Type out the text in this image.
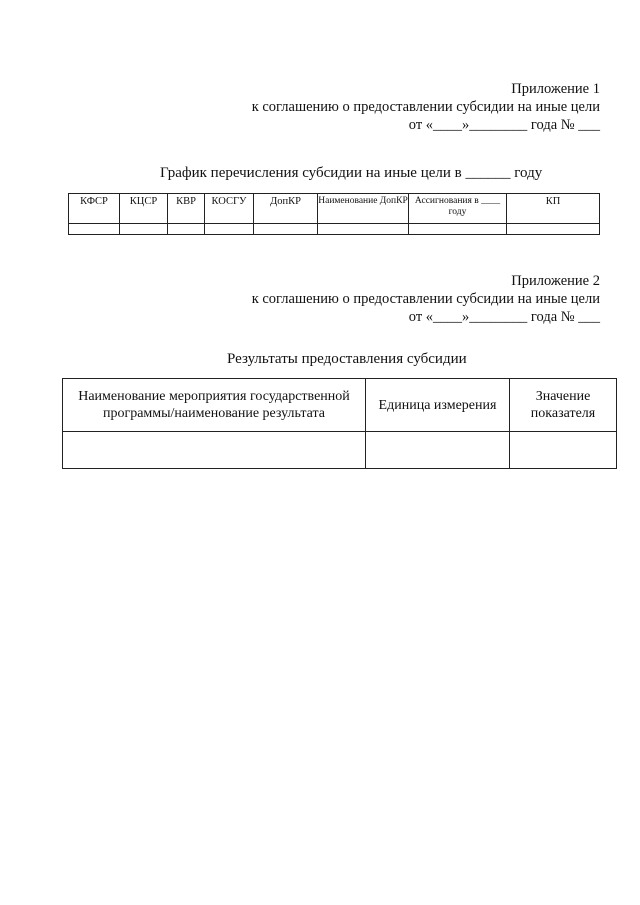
Приложение 1
к соглашению о предоставлении субсидии на иные цели
от «____»________ года № ___
График перечисления субсидии на иные цели в ______ году
КФСР	КЦСР	КВР	КОСГУ	ДопКР	Наименование ДопКР	Ассигнования в ____ году	КП

Приложение 2
к соглашению о предоставлении субсидии на иные цели
от «____»________ года № ___
Результаты предоставления субсидии
Наименование мероприятия государственной программы/наименование результата	Единица измерения	Значение показателя
